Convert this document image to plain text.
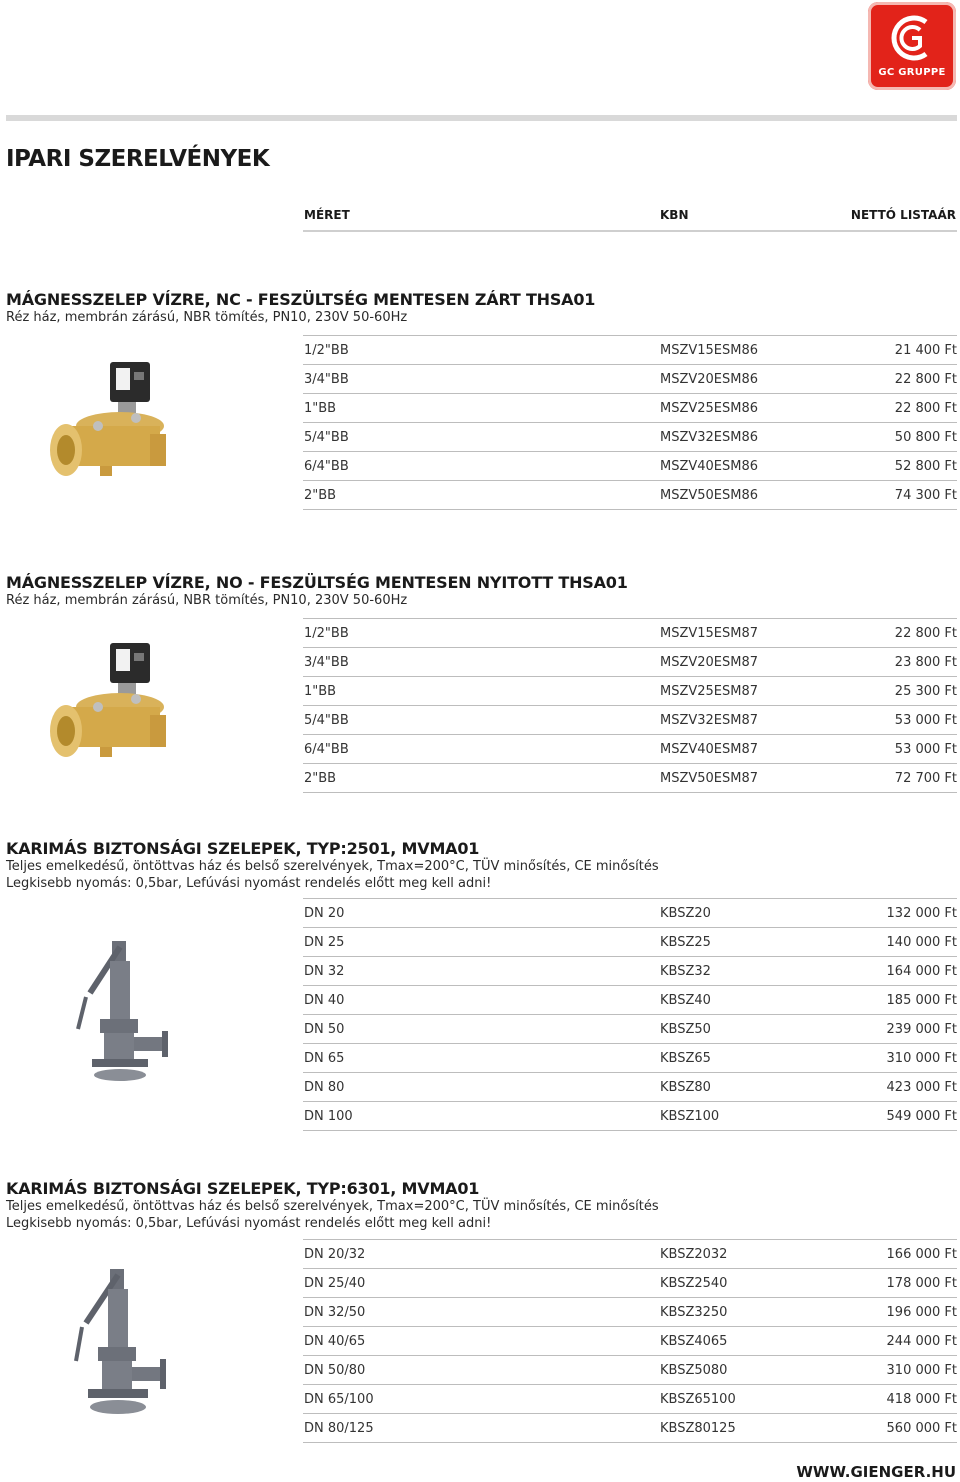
GC GRUPPE
IPARI SZERELVÉNYEK
MÉRET	KBN	NETTÓ LISTAÁR
MÁGNESSZELEP VÍZRE, NC - FESZÜLTSÉG MENTESEN ZÁRT THSA01
Réz ház, membrán zárású, NBR tömítés, PN10, 230V 50-60Hz
1/2"BB	MSZV15ESM86	21 400 Ft
3/4"BB	MSZV20ESM86	22 800 Ft
1"BB	MSZV25ESM86	22 800 Ft
5/4"BB	MSZV32ESM86	50 800 Ft
6/4"BB	MSZV40ESM86	52 800 Ft
2"BB	MSZV50ESM86	74 300 Ft
MÁGNESSZELEP VÍZRE, NO - FESZÜLTSÉG MENTESEN NYITOTT THSA01
Réz ház, membrán zárású, NBR tömítés, PN10, 230V 50-60Hz
1/2"BB	MSZV15ESM87	22 800 Ft
3/4"BB	MSZV20ESM87	23 800 Ft
1"BB	MSZV25ESM87	25 300 Ft
5/4"BB	MSZV32ESM87	53 000 Ft
6/4"BB	MSZV40ESM87	53 000 Ft
2"BB	MSZV50ESM87	72 700 Ft
KARIMÁS BIZTONSÁGI SZELEPEK, TYP:2501, MVMA01
Teljes emelkedésű, öntöttvas ház és belső szerelvények, Tmax=200°C, TÜV minősítés, CE minősítés
Legkisebb nyomás: 0,5bar, Lefúvási nyomást rendelés előtt meg kell adni!
DN 20	KBSZ20	132 000 Ft
DN 25	KBSZ25	140 000 Ft
DN 32	KBSZ32	164 000 Ft
DN 40	KBSZ40	185 000 Ft
DN 50	KBSZ50	239 000 Ft
DN 65	KBSZ65	310 000 Ft
DN 80	KBSZ80	423 000 Ft
DN 100	KBSZ100	549 000 Ft
KARIMÁS BIZTONSÁGI SZELEPEK, TYP:6301, MVMA01
Teljes emelkedésű, öntöttvas ház és belső szerelvények, Tmax=200°C, TÜV minősítés, CE minősítés
Legkisebb nyomás: 0,5bar, Lefúvási nyomást rendelés előtt meg kell adni!
DN 20/32	KBSZ2032	166 000 Ft
DN 25/40	KBSZ2540	178 000 Ft
DN 32/50	KBSZ3250	196 000 Ft
DN 40/65	KBSZ4065	244 000 Ft
DN 50/80	KBSZ5080	310 000 Ft
DN 65/100	KBSZ65100	418 000 Ft
DN 80/125	KBSZ80125	560 000 Ft
WWW.GIENGER.HU
